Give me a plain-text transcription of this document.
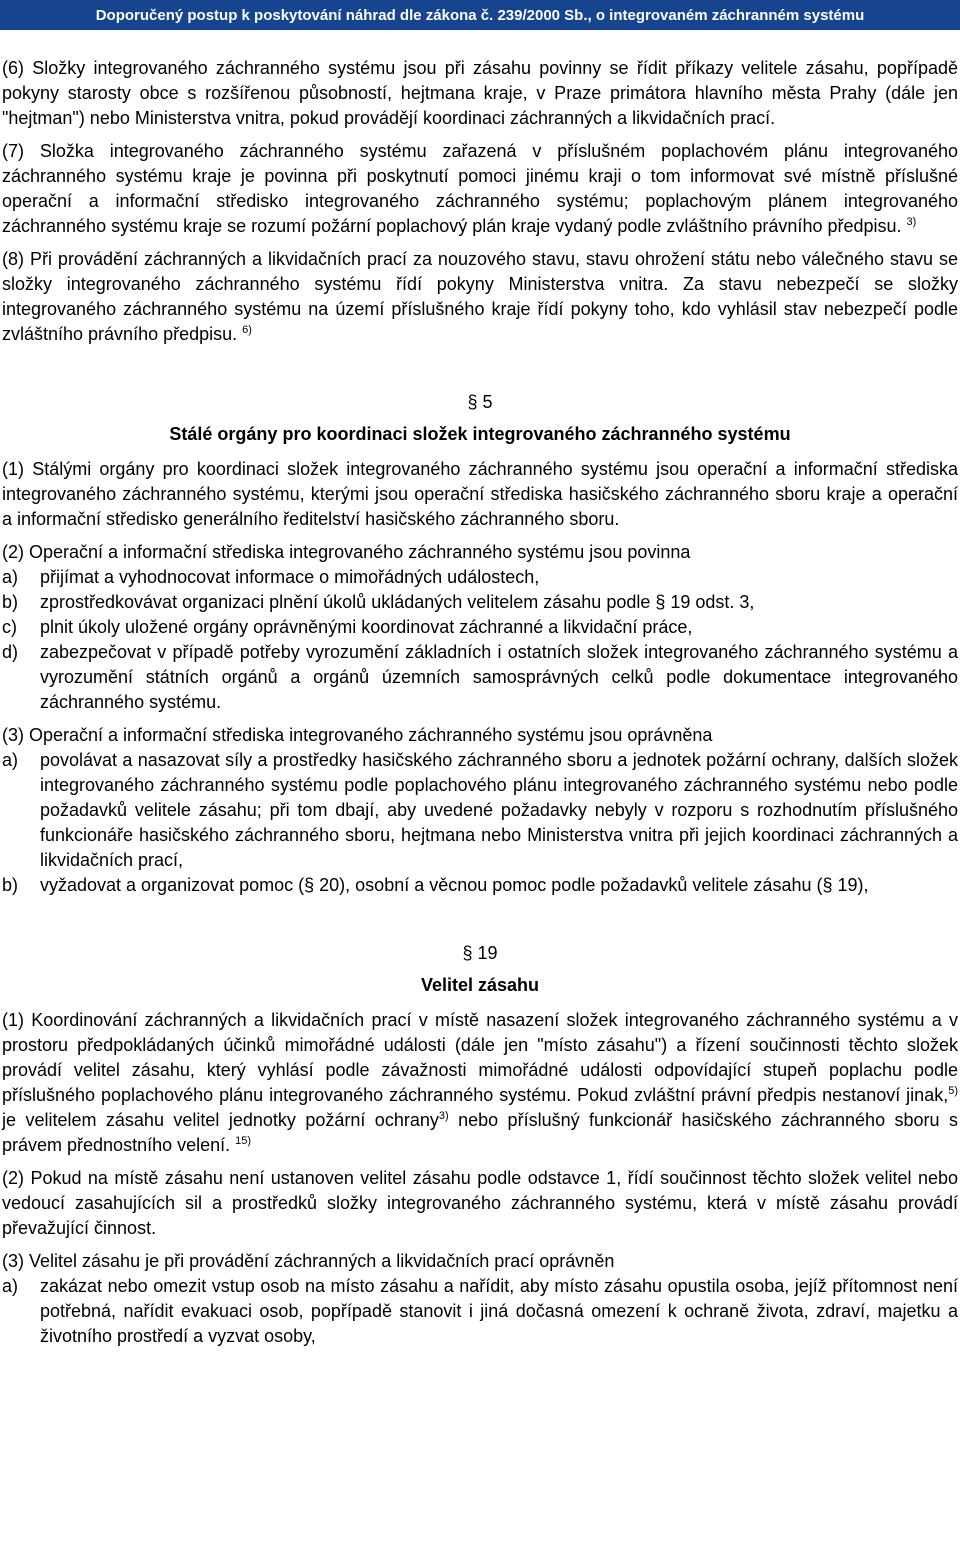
Doporučený postup k poskytování náhrad dle zákona č. 239/2000 Sb., o integrovaném záchranném systému

(6) Složky integrovaného záchranného systému jsou při zásahu povinny se řídit příkazy velitele zásahu, popřípadě pokyny starosty obce s rozšířenou působností, hejtmana kraje, v Praze primátora hlavního města Prahy (dále jen "hejtman") nebo Ministerstva vnitra, pokud provádějí koordinaci záchranných a likvidačních prací.

(7) Složka integrovaného záchranného systému zařazená v příslušném poplachovém plánu integrovaného záchranného systému kraje je povinna při poskytnutí pomoci jinému kraji o tom informovat své místně příslušné operační a informační středisko integrovaného záchranného systému; poplachovým plánem integrovaného záchranného systému kraje se rozumí požární poplachový plán kraje vydaný podle zvláštního právního předpisu. $^{3)}$

(8) Při provádění záchranných a likvidačních prací za nouzového stavu, stavu ohrožení státu nebo válečného stavu se složky integrovaného záchranného systému řídí pokyny Ministerstva vnitra. Za stavu nebezpečí se složky integrovaného záchranného systému na území příslušného kraje řídí pokyny toho, kdo vyhlásil stav nebezpečí podle zvláštního právního předpisu. $^{6)}$

§ 5
Stálé orgány pro koordinaci složek integrovaného záchranného systému

(1) Stálými orgány pro koordinaci složek integrovaného záchranného systému jsou operační a informační střediska integrovaného záchranného systému, kterými jsou operační střediska hasičského záchranného sboru kraje a operační a informační středisko generálního ředitelství hasičského záchranného sboru.

(2) Operační a informační střediska integrovaného záchranného systému jsou povinna

a)	přijímat a vyhodnocovat informace o mimořádných událostech,
b)	zprostředkovávat organizaci plnění úkolů ukládaných velitelem zásahu podle § 19 odst. 3,
c)	plnit úkoly uložené orgány oprávněnými koordinovat záchranné a likvidační práce,
d)	zabezpečovat v případě potřeby vyrozumění základních i ostatních složek integrovaného záchranného systému a vyrozumění státních orgánů a orgánů územních samosprávných celků podle dokumentace integrovaného záchranného systému.

(3) Operační a informační střediska integrovaného záchranného systému jsou oprávněna

a)	povolávat a nasazovat síly a prostředky hasičského záchranného sboru a jednotek požární ochrany, dalších složek integrovaného záchranného systému podle poplachového plánu integrovaného záchranného systému nebo podle požadavků velitele zásahu; při tom dbají, aby uvedené požadavky nebyly v rozporu s rozhodnutím příslušného funkcionáře hasičského záchranného sboru, hejtmana nebo Ministerstva vnitra při jejich koordinaci záchranných a likvidačních prací,
b)	vyžadovat a organizovat pomoc (§ 20), osobní a věcnou pomoc podle požadavků velitele zásahu (§ 19),
§ 19
Velitel zásahu

(1) Koordinování záchranných a likvidačních prací v místě nasazení složek integrovaného záchranného systému a v prostoru předpokládaných účinků mimořádné události (dále jen "místo zásahu") a řízení součinnosti těchto složek provádí velitel zásahu, který vyhlásí podle závažnosti mimořádné události odpovídající stupeň poplachu podle příslušného poplachového plánu integrovaného záchranného systému. Pokud zvláštní právní předpis nestanoví jinak,$^{5)}$ je velitelem zásahu velitel jednotky požární ochrany$^{3)}$ nebo příslušný funkcionář hasičského záchranného sboru s právem přednostního velení. $^{15)}$

(2) Pokud na místě zásahu není ustanoven velitel zásahu podle odstavce 1, řídí součinnost těchto složek velitel nebo vedoucí zasahujících sil a prostředků složky integrovaného záchranného systému, která v místě zásahu provádí převažující činnost.

(3) Velitel zásahu je při provádění záchranných a likvidačních prací oprávněn

a)	zakázat nebo omezit vstup osob na místo zásahu a nařídit, aby místo zásahu opustila osoba, jejíž přítomnost není potřebná, nařídit evakuaci osob, popřípadě stanovit i jiná dočasná omezení k ochraně života, zdraví, majetku a životního prostředí a vyzvat osoby,
